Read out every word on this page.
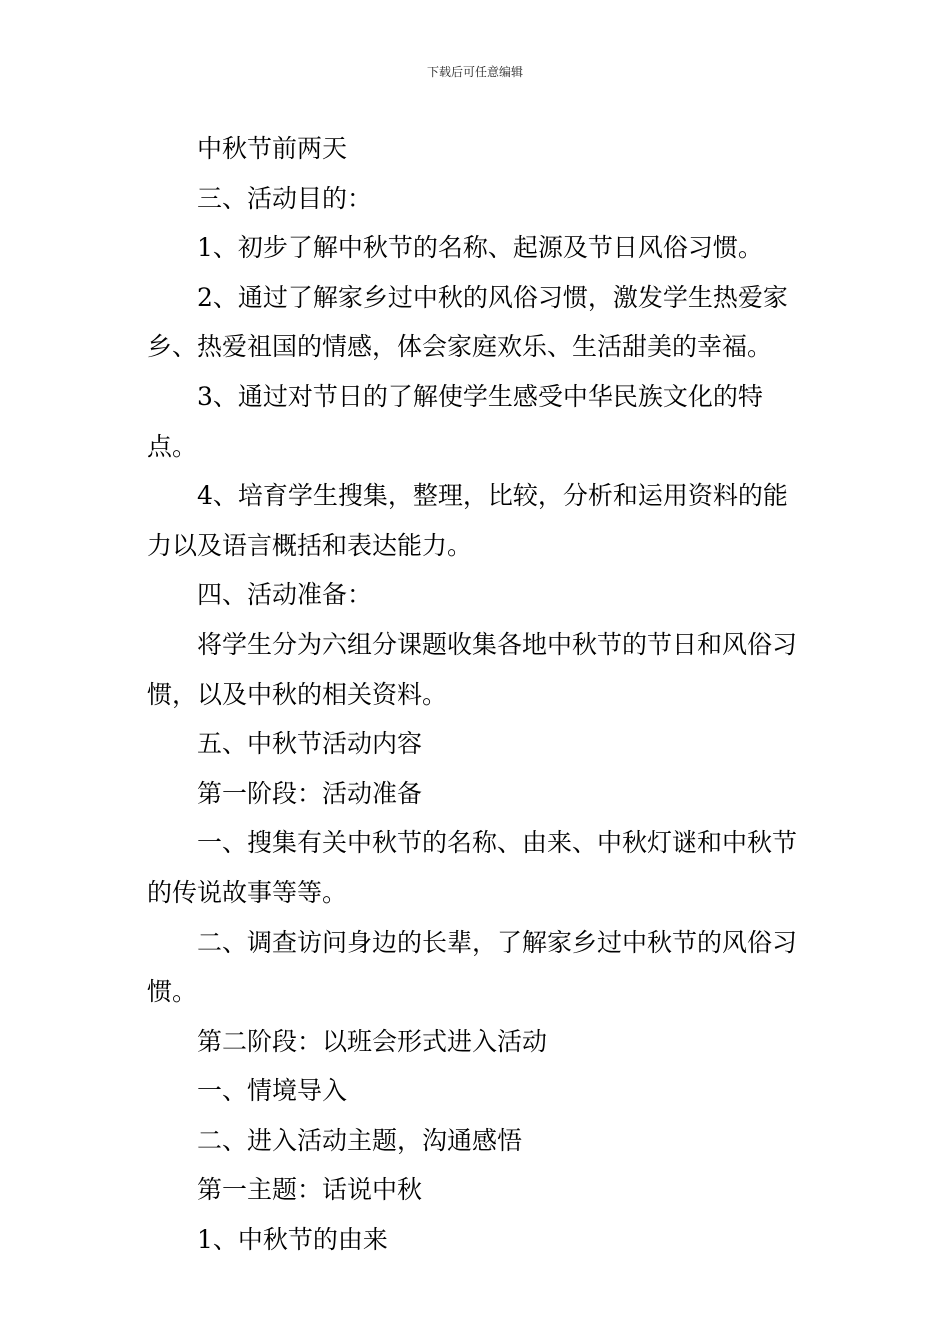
下载后可任意编辑

中秋节前两天

三、活动目的：

1、初步了解中秋节的名称、起源及节日风俗习惯。

2、通过了解家乡过中秋的风俗习惯，激发学生热爱家乡、热爱祖国的情感，体会家庭欢乐、生活甜美的幸福。

3、通过对节日的了解使学生感受中华民族文化的特点。

4、培育学生搜集，整理，比较，分析和运用资料的能力以及语言概括和表达能力。

四、活动准备：

将学生分为六组分课题收集各地中秋节的节日和风俗习惯，以及中秋的相关资料。

五、中秋节活动内容

第一阶段：活动准备

一、搜集有关中秋节的名称、由来、中秋灯谜和中秋节的传说故事等等。

二、调查访问身边的长辈，了解家乡过中秋节的风俗习惯。

第二阶段：以班会形式进入活动

一、情境导入

二、进入活动主题，沟通感悟

第一主题：话说中秋

1、中秋节的由来
